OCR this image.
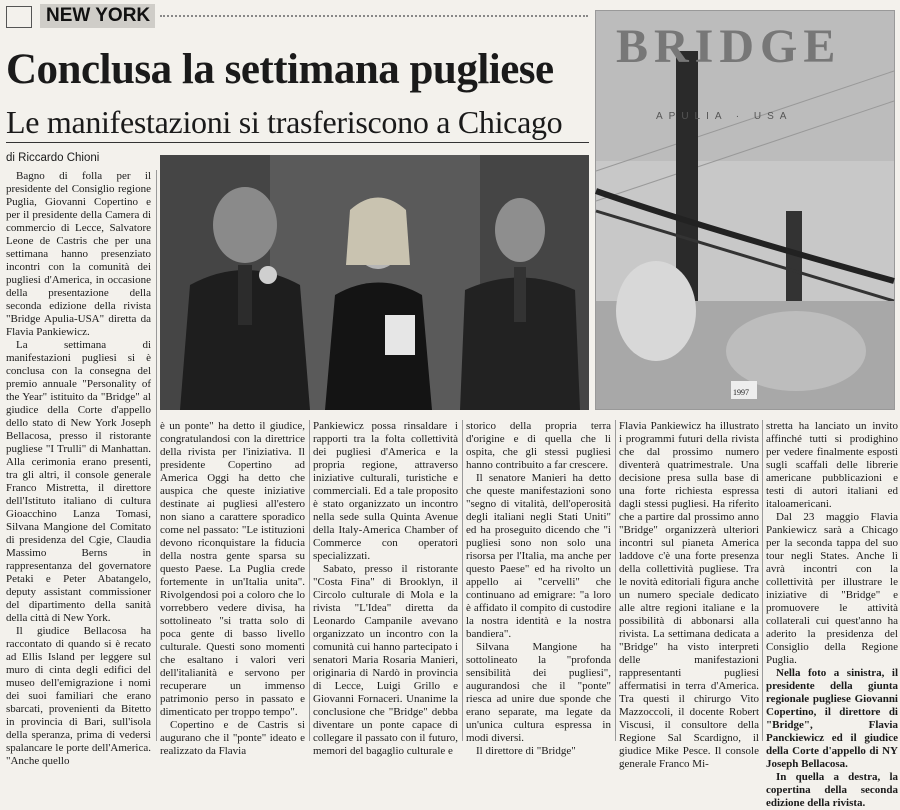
NEW YORK
Conclusa la settimana pugliese
Le manifestazioni si trasferiscono a Chicago
di Riccardo Chioni
BRIDGE
APULIA · USA
1997

Bagno di folla per il presidente del Consiglio regione Puglia, Giovanni Copertino e per il presidente della Camera di commercio di Lecce, Salvatore Leone de Castris che per una settimana hanno presenziato incontri con la comunità dei pugliesi d'America, in occasione della presentazione della seconda edizione della rivista "Bridge Apulia-USA" diretta da Flavia Pankiewicz.

La settimana di manifestazioni pugliesi si è conclusa con la consegna del premio annuale "Personality of the Year" istituito da "Bridge" al giudice della Corte d'appello dello stato di New York Joseph Bellacosa, presso il ristorante pugliese "I Trulli" di Manhattan. Alla cerimonia erano presenti, tra gli altri, il console generale Franco Mistretta, il direttore dell'Istituto italiano di cultura Gioacchino Lanza Tomasi, Silvana Mangione del Comitato di presidenza del Cgie, Claudia Massimo Berns in rappresentanza del governatore Petaki e Peter Abatangelo, deputy assistant commissioner del dipartimento della sanità della città di New York.

Il giudice Bellacosa ha raccontato di quando si è recato ad Ellis Island per leggere sul muro di cinta degli edifici del museo dell'emigrazione i nomi dei suoi familiari che erano sbarcati, provenienti da Bitetto in provincia di Bari, sull'isola della speranza, prima di vedersi spalancare le porte dell'America. "Anche quello

è un ponte" ha detto il giudice, congratulandosi con la direttrice della rivista per l'iniziativa. Il presidente Copertino ad America Oggi ha detto che auspica che queste iniziative destinate ai pugliesi all'estero non siano a carattere sporadico come nel passato: "Le istituzioni devono riconquistare la fiducia della nostra gente sparsa su questo Paese. La Puglia crede fortemente in un'Italia unita". Rivolgendosi poi a coloro che lo vorrebbero vedere divisa, ha sottolineato "si tratta solo di poca gente di basso livello culturale. Questi sono momenti che esaltano i valori veri dell'italianità e servono per recuperare un immenso patrimonio perso in passato e dimenticato per troppo tempo".

Copertino e de Castris si augurano che il "ponte" ideato e realizzato da Flavia

Pankiewicz possa rinsaldare i rapporti tra la folta collettività dei pugliesi d'America e la propria regione, attraverso iniziative culturali, turistiche e commerciali. Ed a tale proposito è stato organizzato un incontro nella sede sulla Quinta Avenue della Italy-America Chamber of Commerce con operatori specializzati.

Sabato, presso il ristorante "Costa Fina" di Brooklyn, il Circolo culturale di Mola e la rivista "L'Idea" diretta da Leonardo Campanile avevano organizzato un incontro con la comunità cui hanno partecipato i senatori Maria Rosaria Manieri, originaria di Nardò in provincia di Lecce, Luigi Grillo e Giovanni Fornaceri. Unanime la conclusione che "Bridge" debba diventare un ponte capace di collegare il passato con il futuro, memori del bagaglio culturale e

storico della propria terra d'origine e di quella che li ospita, che gli stessi pugliesi hanno contribuito a far crescere.

Il senatore Manieri ha detto che queste manifestazioni sono "segno di vitalità, dell'operosità degli italiani negli Stati Uniti" ed ha proseguito dicendo che "i pugliesi sono non solo una risorsa per l'Italia, ma anche per questo Paese" ed ha rivolto un appello ai "cervelli" che continuano ad emigrare: "a loro è affidato il compito di custodire la nostra identità e la nostra bandiera".

Silvana Mangione ha sottolineato la "profonda sensibilità dei pugliesi", augurandosi che il "ponte" riesca ad unire due sponde che erano separate, ma legate da un'unica cultura espressa in modi diversi.

Il direttore di "Bridge"

Flavia Pankiewicz ha illustrato i programmi futuri della rivista che dal prossimo numero diventerà quatrimestrale. Una decisione presa sulla base di una forte richiesta espressa dagli stessi pugliesi. Ha riferito che a partire dal prossimo anno "Bridge" organizzerà ulteriori incontri sul pianeta America laddove c'è una forte presenza della collettività pugliese. Tra le novità editoriali figura anche un numero speciale dedicato alle altre regioni italiane e la possibilità di abbonarsi alla rivista. La settimana dedicata a "Bridge" ha visto interpreti delle manifestazioni rappresentanti pugliesi affermatisi in terra d'America. Tra questi il chirurgo Vito Mazzoccoli, il docente Robert Viscusi, il consultore della Regione Sal Scardigno, il giudice Mike Pesce. Il console generale Franco Mi-

stretta ha lanciato un invito affinché tutti si prodighino per vedere finalmente esposti sugli scaffali delle librerie americane pubblicazioni e testi di autori italiani ed italoamericani.

Dal 23 maggio Flavia Pankiewicz sarà a Chicago per la seconda tappa del suo tour negli States. Anche lì avrà incontri con la collettività per illustrare le iniziative di "Bridge" e promuovere le attività collaterali cui quest'anno ha aderito la presidenza del Consiglio della Regione Puglia.

Nella foto a sinistra, il presidente della giunta regionale pugliese Giovanni Copertino, il direttore di "Bridge", Flavia Panckiewicz ed il giudice della Corte d'appello di NY Joseph Bellacosa.

In quella a destra, la copertina della seconda edizione della rivista.
